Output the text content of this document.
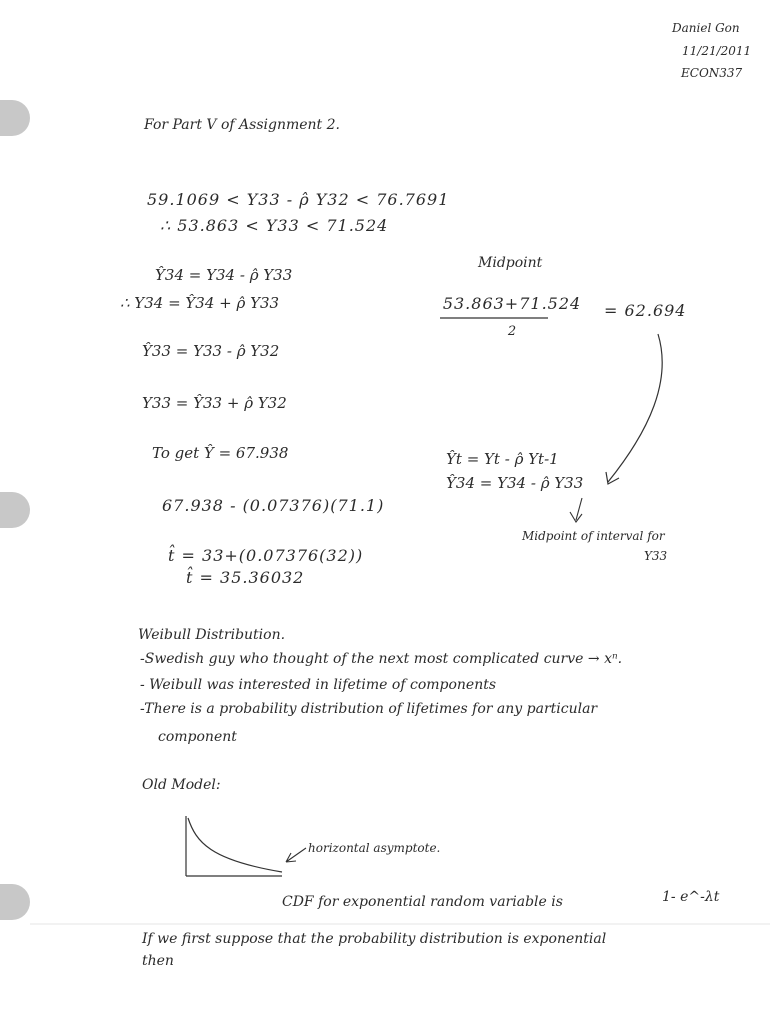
Daniel Gon
11/21/2011
ECON337
For Part V of Assignment 2.
59.1069 < Y33 - ρ̂ Y32 < 76.7691
∴ 53.863 < Y33 < 71.524
Ŷ34 = Y34 - ρ̂ Y33
∴ Y34 = Ŷ34 + ρ̂ Y33
Ŷ33 = Y33 - ρ̂ Y32
Y33 = Ŷ33 + ρ̂ Y32
To get Ŷ = 67.938
67.938 - (0.07376)(71.1)
t̂ = 33+(0.07376(32))
t̂ = 35.36032
Midpoint
53.863+71.524
2
= 62.694
Ŷt = Yt - ρ̂ Yt-1
Ŷ34 = Y34 - ρ̂ Y33
Midpoint of interval for
Y33
Weibull Distribution.
-Swedish guy who thought of the next most complicated curve → xⁿ.
- Weibull was interested in lifetime of components
-There is a probability distribution of lifetimes for any particular
component
Old Model:
horizontal asymptote.
CDF for exponential random variable is	1- e^-λt
If we first suppose that the probability distribution is exponential
then
